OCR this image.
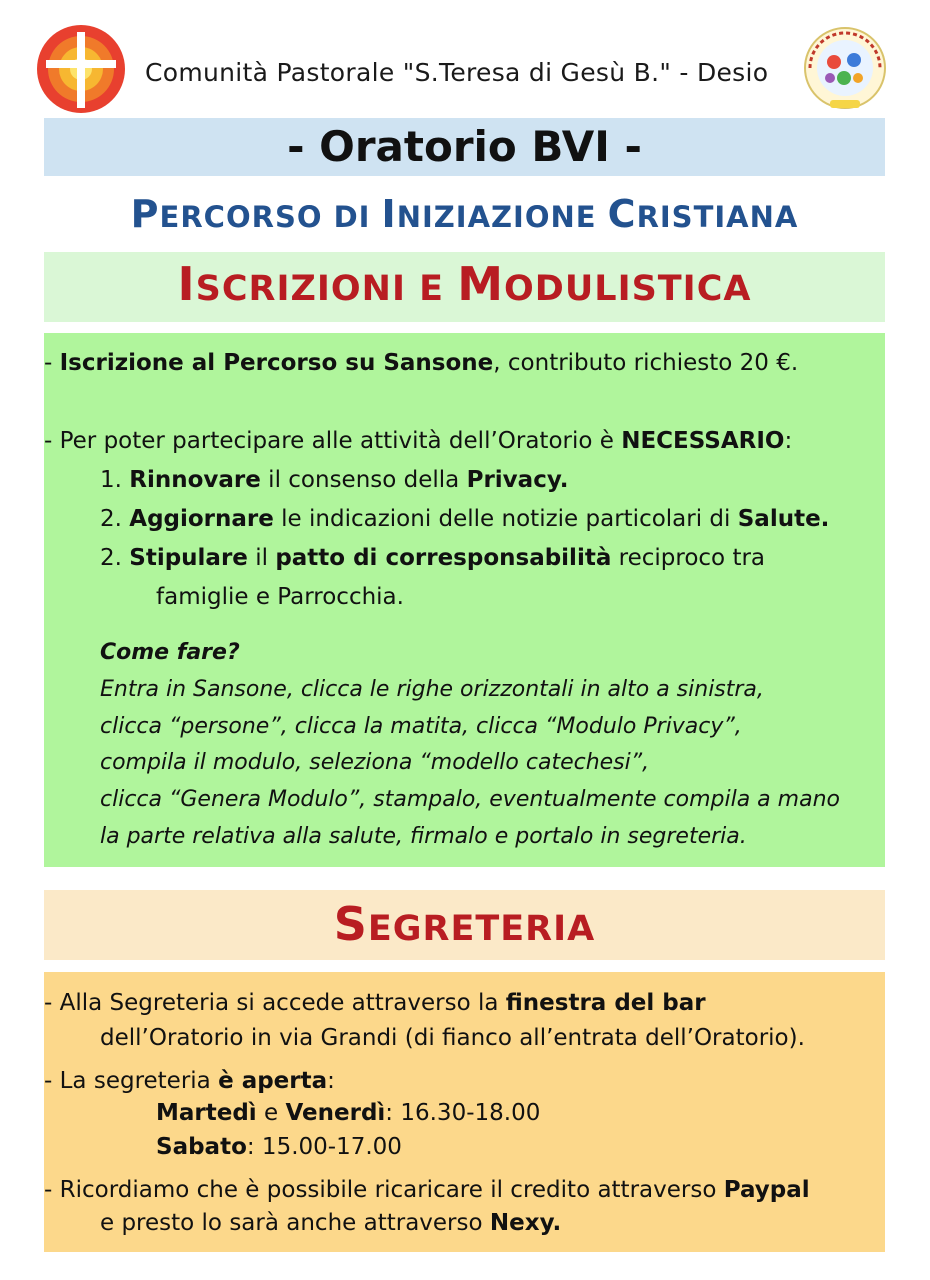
Comunità Pastorale "S.Teresa di Gesù B." - Desio
- Oratorio BVI -
PERCORSO DI INIZIAZIONE CRISTIANA
ISCRIZIONI E MODULISTICA
- Iscrizione al Percorso su Sansone, contributo richiesto 20 €.
- Per poter partecipare alle attività dell’Oratorio è NECESSARIO:
1. Rinnovare il consenso della Privacy.
2. Aggiornare le indicazioni delle notizie particolari di Salute.
2. Stipulare il patto di corresponsabilità reciproco tra
famiglie e Parrocchia.
Come fare?
Entra in Sansone, clicca le righe orizzontali in alto a sinistra,
clicca “persone”, clicca la matita, clicca “Modulo Privacy”,
compila il modulo, seleziona “modello catechesi”,
clicca “Genera Modulo”, stampalo, eventualmente compila a mano
la parte relativa alla salute, firmalo e portalo in segreteria.
SEGRETERIA
- Alla Segreteria si accede attraverso la finestra del bar
dell’Oratorio in via Grandi (di fianco all’entrata dell’Oratorio).
- La segreteria è aperta:
Martedì e Venerdì: 16.30-18.00
Sabato: 15.00-17.00
- Ricordiamo che è possibile ricaricare il credito attraverso Paypal
e presto lo sarà anche attraverso Nexy.
